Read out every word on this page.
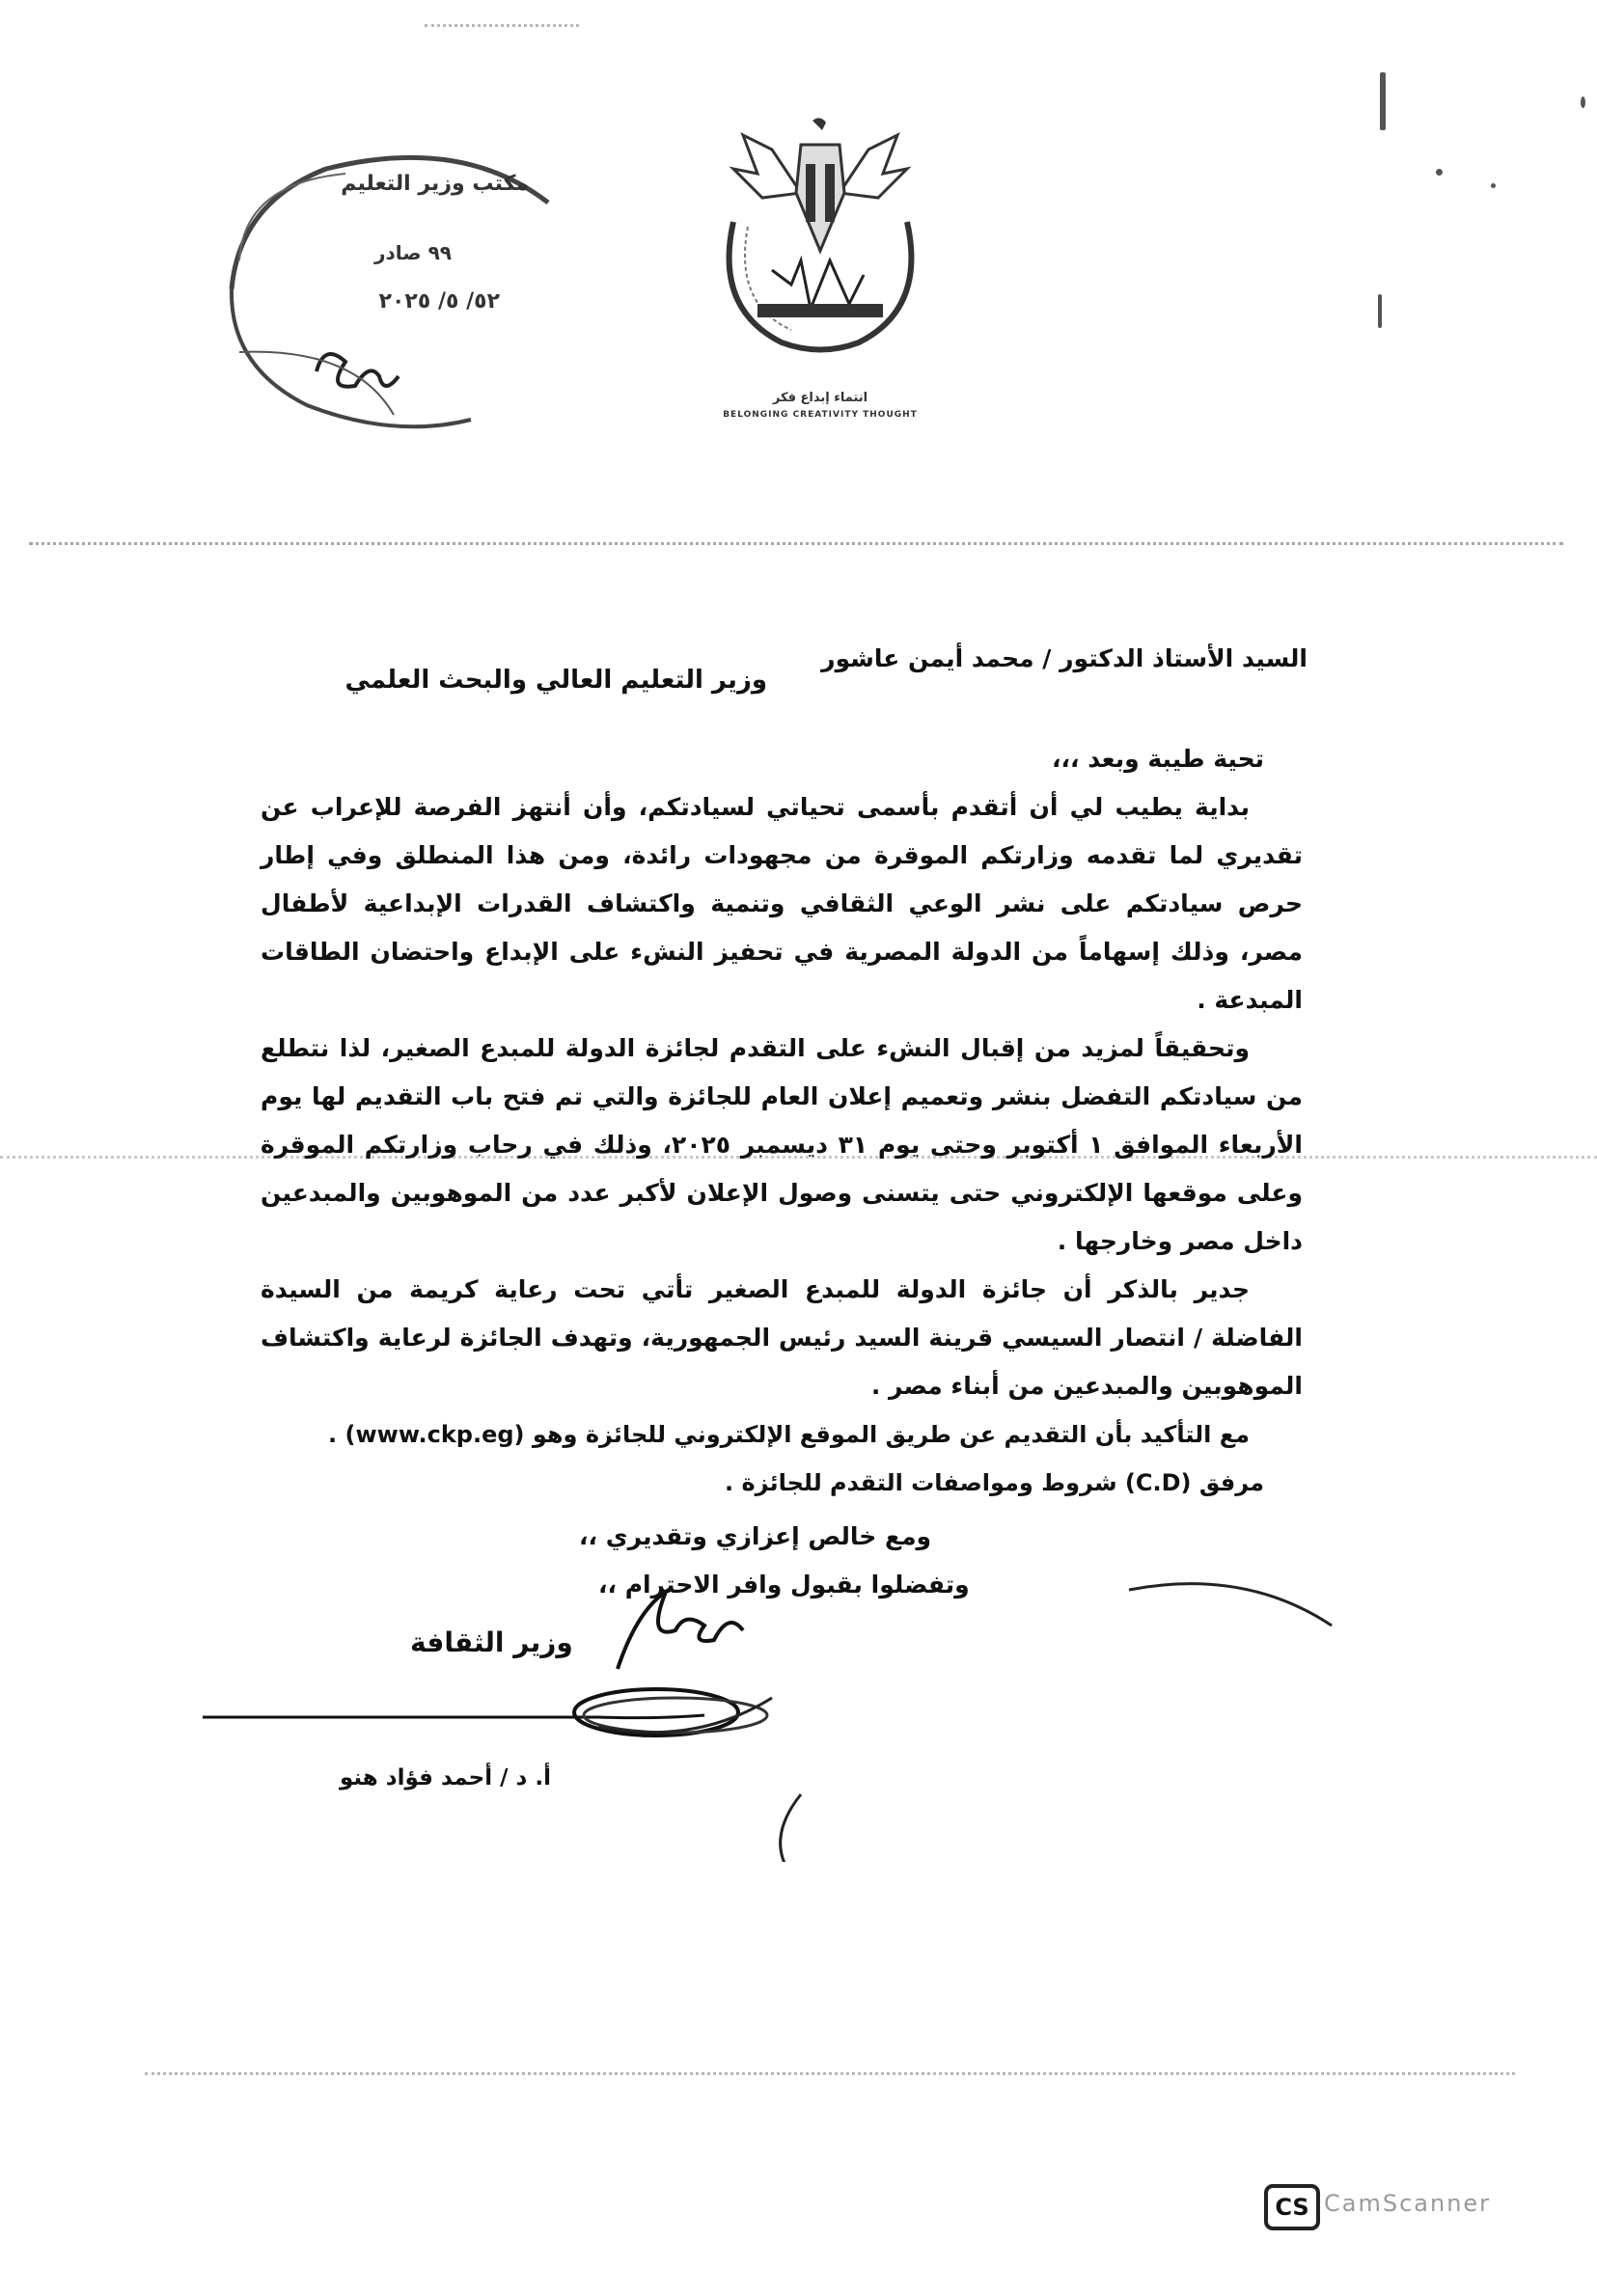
مكتب وزير التعليم
٩٩ صادر
٥٢/ ٥/ ٢٠٢٥
انتماء إبداع فكر
BELONGING CREATIVITY THOUGHT
السيد الأستاذ الدكتور / محمد أيمن عاشور
وزير التعليم العالي والبحث العلمي

تحية طيبة وبعد ،،،

بداية يطيب لي أن أتقدم بأسمى تحياتي لسيادتكم، وأن أنتهز الفرصة للإعراب عن تقديري لما تقدمه وزارتكم الموقرة من مجهودات رائدة، ومن هذا المنطلق وفي إطار حرص سيادتكم على نشر الوعي الثقافي وتنمية واكتشاف القدرات الإبداعية لأطفال مصر، وذلك إسهاماً من الدولة المصرية في تحفيز النشء على الإبداع واحتضان الطاقات المبدعة .

وتحقيقاً لمزيد من إقبال النشء على التقدم لجائزة الدولة للمبدع الصغير، لذا نتطلع من سيادتكم التفضل بنشر وتعميم إعلان العام للجائزة والتي تم فتح باب التقديم لها يوم الأربعاء الموافق ١ أكتوبر وحتى يوم ٣١ ديسمبر ٢٠٢٥، وذلك في رحاب وزارتكم الموقرة وعلى موقعها الإلكتروني حتى يتسنى وصول الإعلان لأكبر عدد من الموهوبين والمبدعين داخل مصر وخارجها .

جدير بالذكر أن جائزة الدولة للمبدع الصغير تأتي تحت رعاية كريمة من السيدة الفاضلة / انتصار السيسي قرينة السيد رئيس الجمهورية، وتهدف الجائزة لرعاية واكتشاف الموهوبين والمبدعين من أبناء مصر .

مع التأكيد بأن التقديم عن طريق الموقع الإلكتروني للجائزة وهو (www.ckp.eg) .

مرفق (C.D) شروط ومواصفات التقدم للجائزة .

ومع خالص إعزازي وتقديري ،،
وتفضلوا بقبول وافر الاحترام ،،
وزير الثقافة
أ. د / أحمد فؤاد هنو
CS CamScanner
